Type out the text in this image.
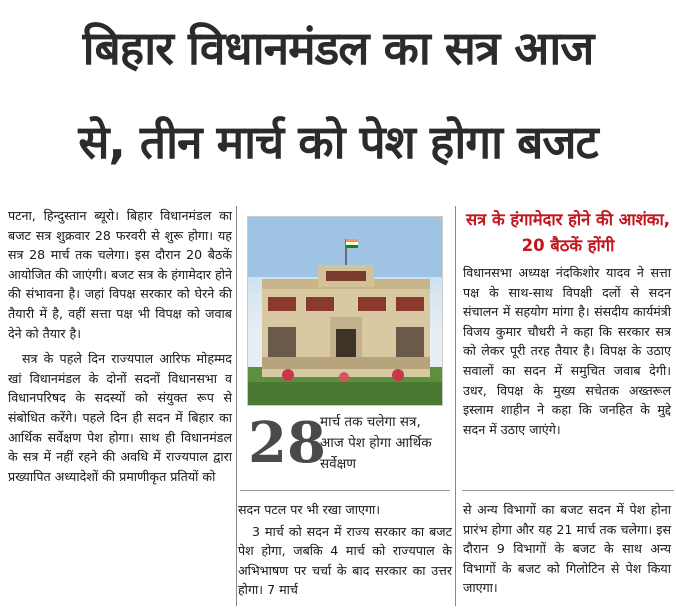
बिहार विधानमंडल का सत्र आज
से, तीन मार्च को पेश होगा बजट

पटना, हिन्दुस्तान ब्यूरो। बिहार विधानमंडल का बजट सत्र शुक्रवार 28 फरवरी से शुरू होगा। यह सत्र 28 मार्च तक चलेगा। इस दौरान 20 बैठकें आयोजित की जाएंगी। बजट सत्र के हंगामेदार होने की संभावना है। जहां विपक्ष सरकार को घेरने की तैयारी में है, वहीं सत्ता पक्ष भी विपक्ष को जवाब देने को तैयार है।

सत्र के पहले दिन राज्यपाल आरिफ मोहम्मद खां विधानमंडल के दोनों सदनों विधानसभा व विधानपरिषद के सदस्यों को संयुक्त रूप से संबोधित करेंगे। पहले दिन ही सदन में बिहार का आर्थिक सर्वेक्षण पेश होगा। साथ ही विधानमंडल के सत्र में नहीं रहने की अवधि में राज्यपाल द्वारा प्रख्यापित अध्यादेशों की प्रमाणीकृत प्रतियों को

28
मार्च तक चलेगा सत्र, आज पेश होगा आर्थिक सर्वेक्षण

सदन पटल पर भी रखा जाएगा।

3 मार्च को सदन में राज्य सरकार का बजट पेश होगा, जबकि 4 मार्च को राज्यपाल के अभिभाषण पर चर्चा के बाद सरकार का उत्तर होगा। 7 मार्च

सत्र के हंगामेदार होने की आशंका, 20 बैठकें होंगी

विधानसभा अध्यक्ष नंदकिशोर यादव ने सत्ता पक्ष के साथ-साथ विपक्षी दलों से सदन संचालन में सहयोग मांगा है। संसदीय कार्यमंत्री विजय कुमार चौधरी ने कहा कि सरकार सत्र को लेकर पूरी तरह तैयार है। विपक्ष के उठाए सवालों का सदन में समुचित जवाब देगी। उधर, विपक्ष के मुख्य सचेतक अख्तरूल इस्लाम शाहीन ने कहा कि जनहित के मुद्दे सदन में उठाए जाएंगे।

से अन्य विभागों का बजट सदन में पेश होना प्रारंभ होगा और यह 21 मार्च तक चलेगा। इस दौरान 9 विभागों के बजट के साथ अन्य विभागों के बजट को गिलोटिन से पेश किया जाएगा।
